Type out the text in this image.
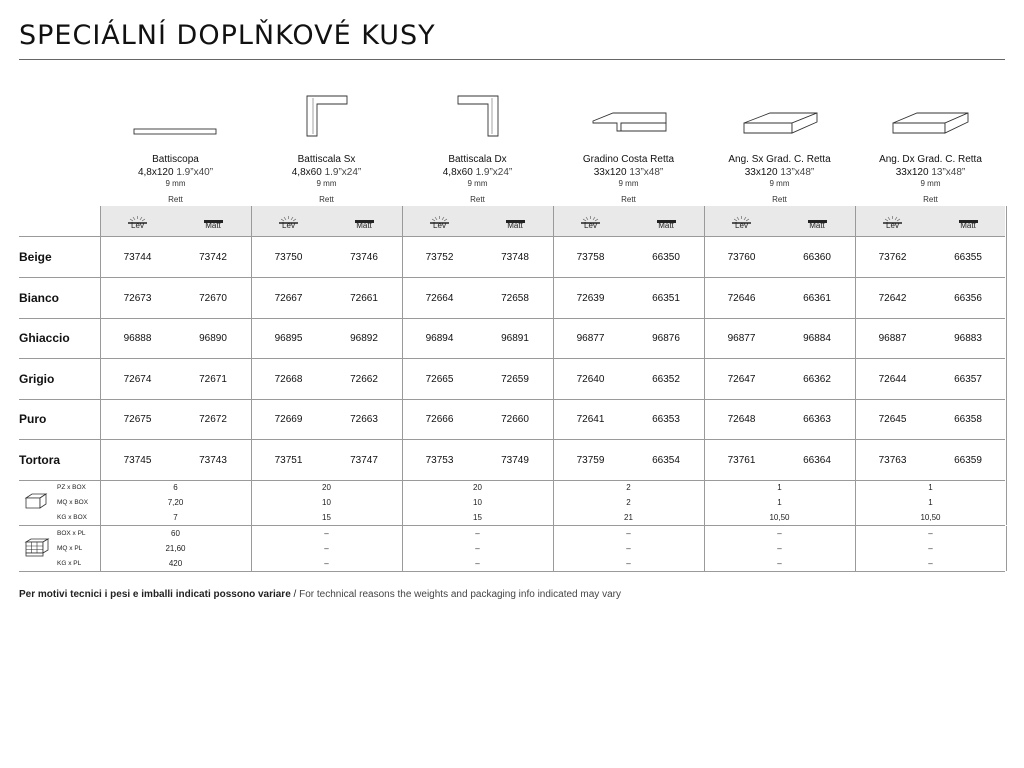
SPECIÁLNÍ DOPLŇKOVÉ KUSY
Battiscopa
4,8x120 1.9”x40”
9 mm
Rett
Battiscala Sx
4,8x60 1.9”x24”
9 mm
Rett
Battiscala Dx
4,8x60 1.9”x24”
9 mm
Rett
Gradino Costa Retta
33x120 13”x48”
9 mm
Rett
Ang. Sx Grad. C. Retta
33x120 13”x48”
9 mm
Rett
Ang. Dx Grad. C. Retta
33x120 13”x48”
9 mm
Rett
Lev	Matt	Lev	Matt	Lev	Matt	Lev	Matt	Lev	Matt	Lev	Matt
Beige	73744	73742	73750	73746	73752	73748	73758	66350	73760	66360	73762	66355
Bianco	72673	72670	72667	72661	72664	72658	72639	66351	72646	66361	72642	66356
Ghiaccio	96888	96890	96895	96892	96894	96891	96877	96876	96877	96884	96887	96883
Grigio	72674	72671	72668	72662	72665	72659	72640	66352	72647	66362	72644	66357
Puro	72675	72672	72669	72663	72666	72660	72641	66353	72648	66363	72645	66358
Tortora	73745	73743	73751	73747	73753	73749	73759	66354	73761	66364	73763	66359
PZ x BOX	6	20	20	2	1	1
MQ x BOX	7,20	10	10	2	1	1
KG x BOX	7	15	15	21	10,50	10,50
BOX x PL	60	–	–	–	–	–
MQ x PL	21,60	–	–	–	–	–
KG x PL	420	–	–	–	–	–
Per motivi tecnici i pesi e imballi indicati possono variare / For technical reasons the weights and packaging info indicated may vary
